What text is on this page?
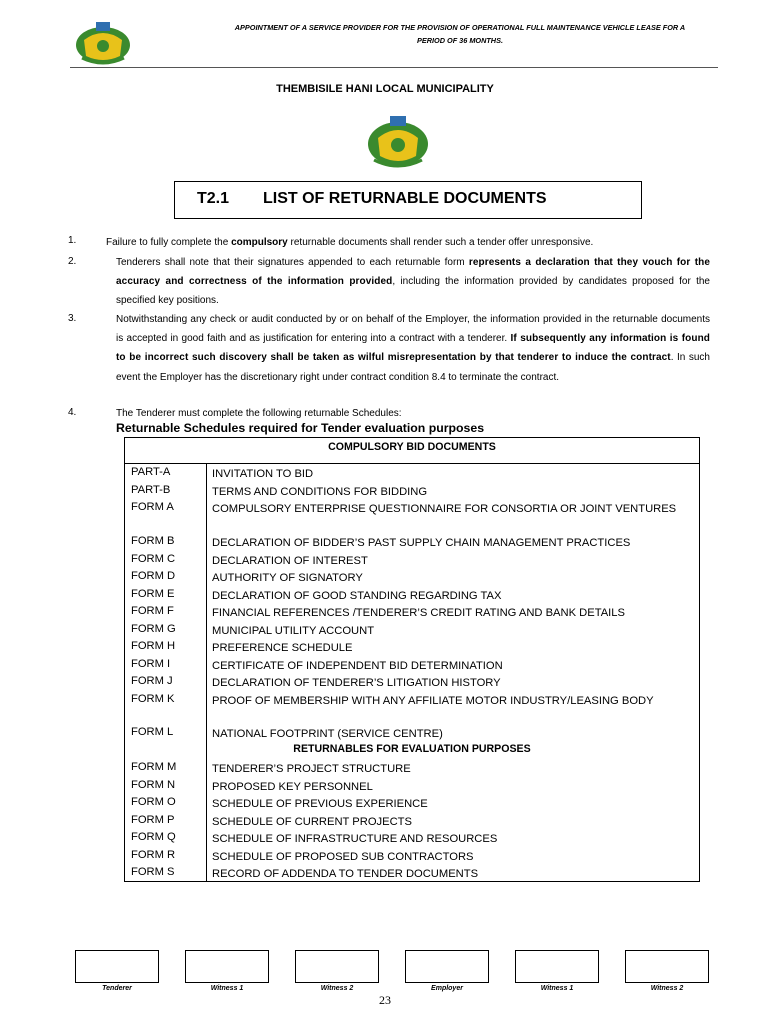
APPOINTMENT OF A SERVICE PROVIDER FOR THE PROVISION OF OPERATIONAL FULL MAINTENANCE VEHICLE LEASE FOR A
PERIOD OF 36 MONTHS.
THEMBISILE HANI LOCAL MUNICIPALITY
T2.1 LIST OF RETURNABLE DOCUMENTS
1.	Failure to fully complete the compulsory returnable documents shall render such a tender offer unresponsive.
2.	Tenderers shall note that their signatures appended to each returnable form represents a declaration that they vouch for the accuracy and correctness of the information provided, including the information provided by candidates proposed for the specified key positions.
3.	Notwithstanding any check or audit conducted by or on behalf of the Employer, the information provided in the returnable documents is accepted in good faith and as justification for entering into a contract with a tenderer. If subsequently any information is found to be incorrect such discovery shall be taken as wilful misrepresentation by that tenderer to induce the contract. In such event the Employer has the discretionary right under contract condition 8.4 to terminate the contract.
4.	The Tenderer must complete the following returnable Schedules:
Returnable Schedules required for Tender evaluation purposes
COMPULSORY BID DOCUMENTS
PART-A	INVITATION TO BID
PART-B	TERMS AND CONDITIONS FOR BIDDING
FORM A	COMPULSORY ENTERPRISE QUESTIONNAIRE FOR CONSORTIA OR JOINT VENTURES
FORM B	DECLARATION OF BIDDER’S PAST SUPPLY CHAIN MANAGEMENT PRACTICES
FORM C	DECLARATION OF INTEREST
FORM D	AUTHORITY OF SIGNATORY
FORM E	DECLARATION OF GOOD STANDING REGARDING TAX
FORM F	FINANCIAL REFERENCES /TENDERER’S CREDIT RATING AND BANK DETAILS
FORM G	MUNICIPAL UTILITY ACCOUNT
FORM H	PREFERENCE SCHEDULE
FORM I	CERTIFICATE OF INDEPENDENT BID DETERMINATION
FORM J	DECLARATION OF TENDERER’S LITIGATION HISTORY
FORM K	PROOF OF MEMBERSHIP WITH ANY AFFILIATE MOTOR INDUSTRY/LEASING BODY
FORM L	NATIONAL FOOTPRINT (SERVICE CENTRE)
RETURNABLES FOR EVALUATION PURPOSES
FORM M	TENDERER’S PROJECT STRUCTURE
FORM N	PROPOSED KEY PERSONNEL
FORM O	SCHEDULE OF PREVIOUS EXPERIENCE
FORM P	SCHEDULE OF CURRENT PROJECTS
FORM Q	SCHEDULE OF INFRASTRUCTURE AND RESOURCES
FORM R	SCHEDULE OF PROPOSED SUB CONTRACTORS
FORM S	RECORD OF ADDENDA TO TENDER DOCUMENTS
Tenderer	Witness 1	Witness 2	Employer	Witness 1	Witness 2
23
